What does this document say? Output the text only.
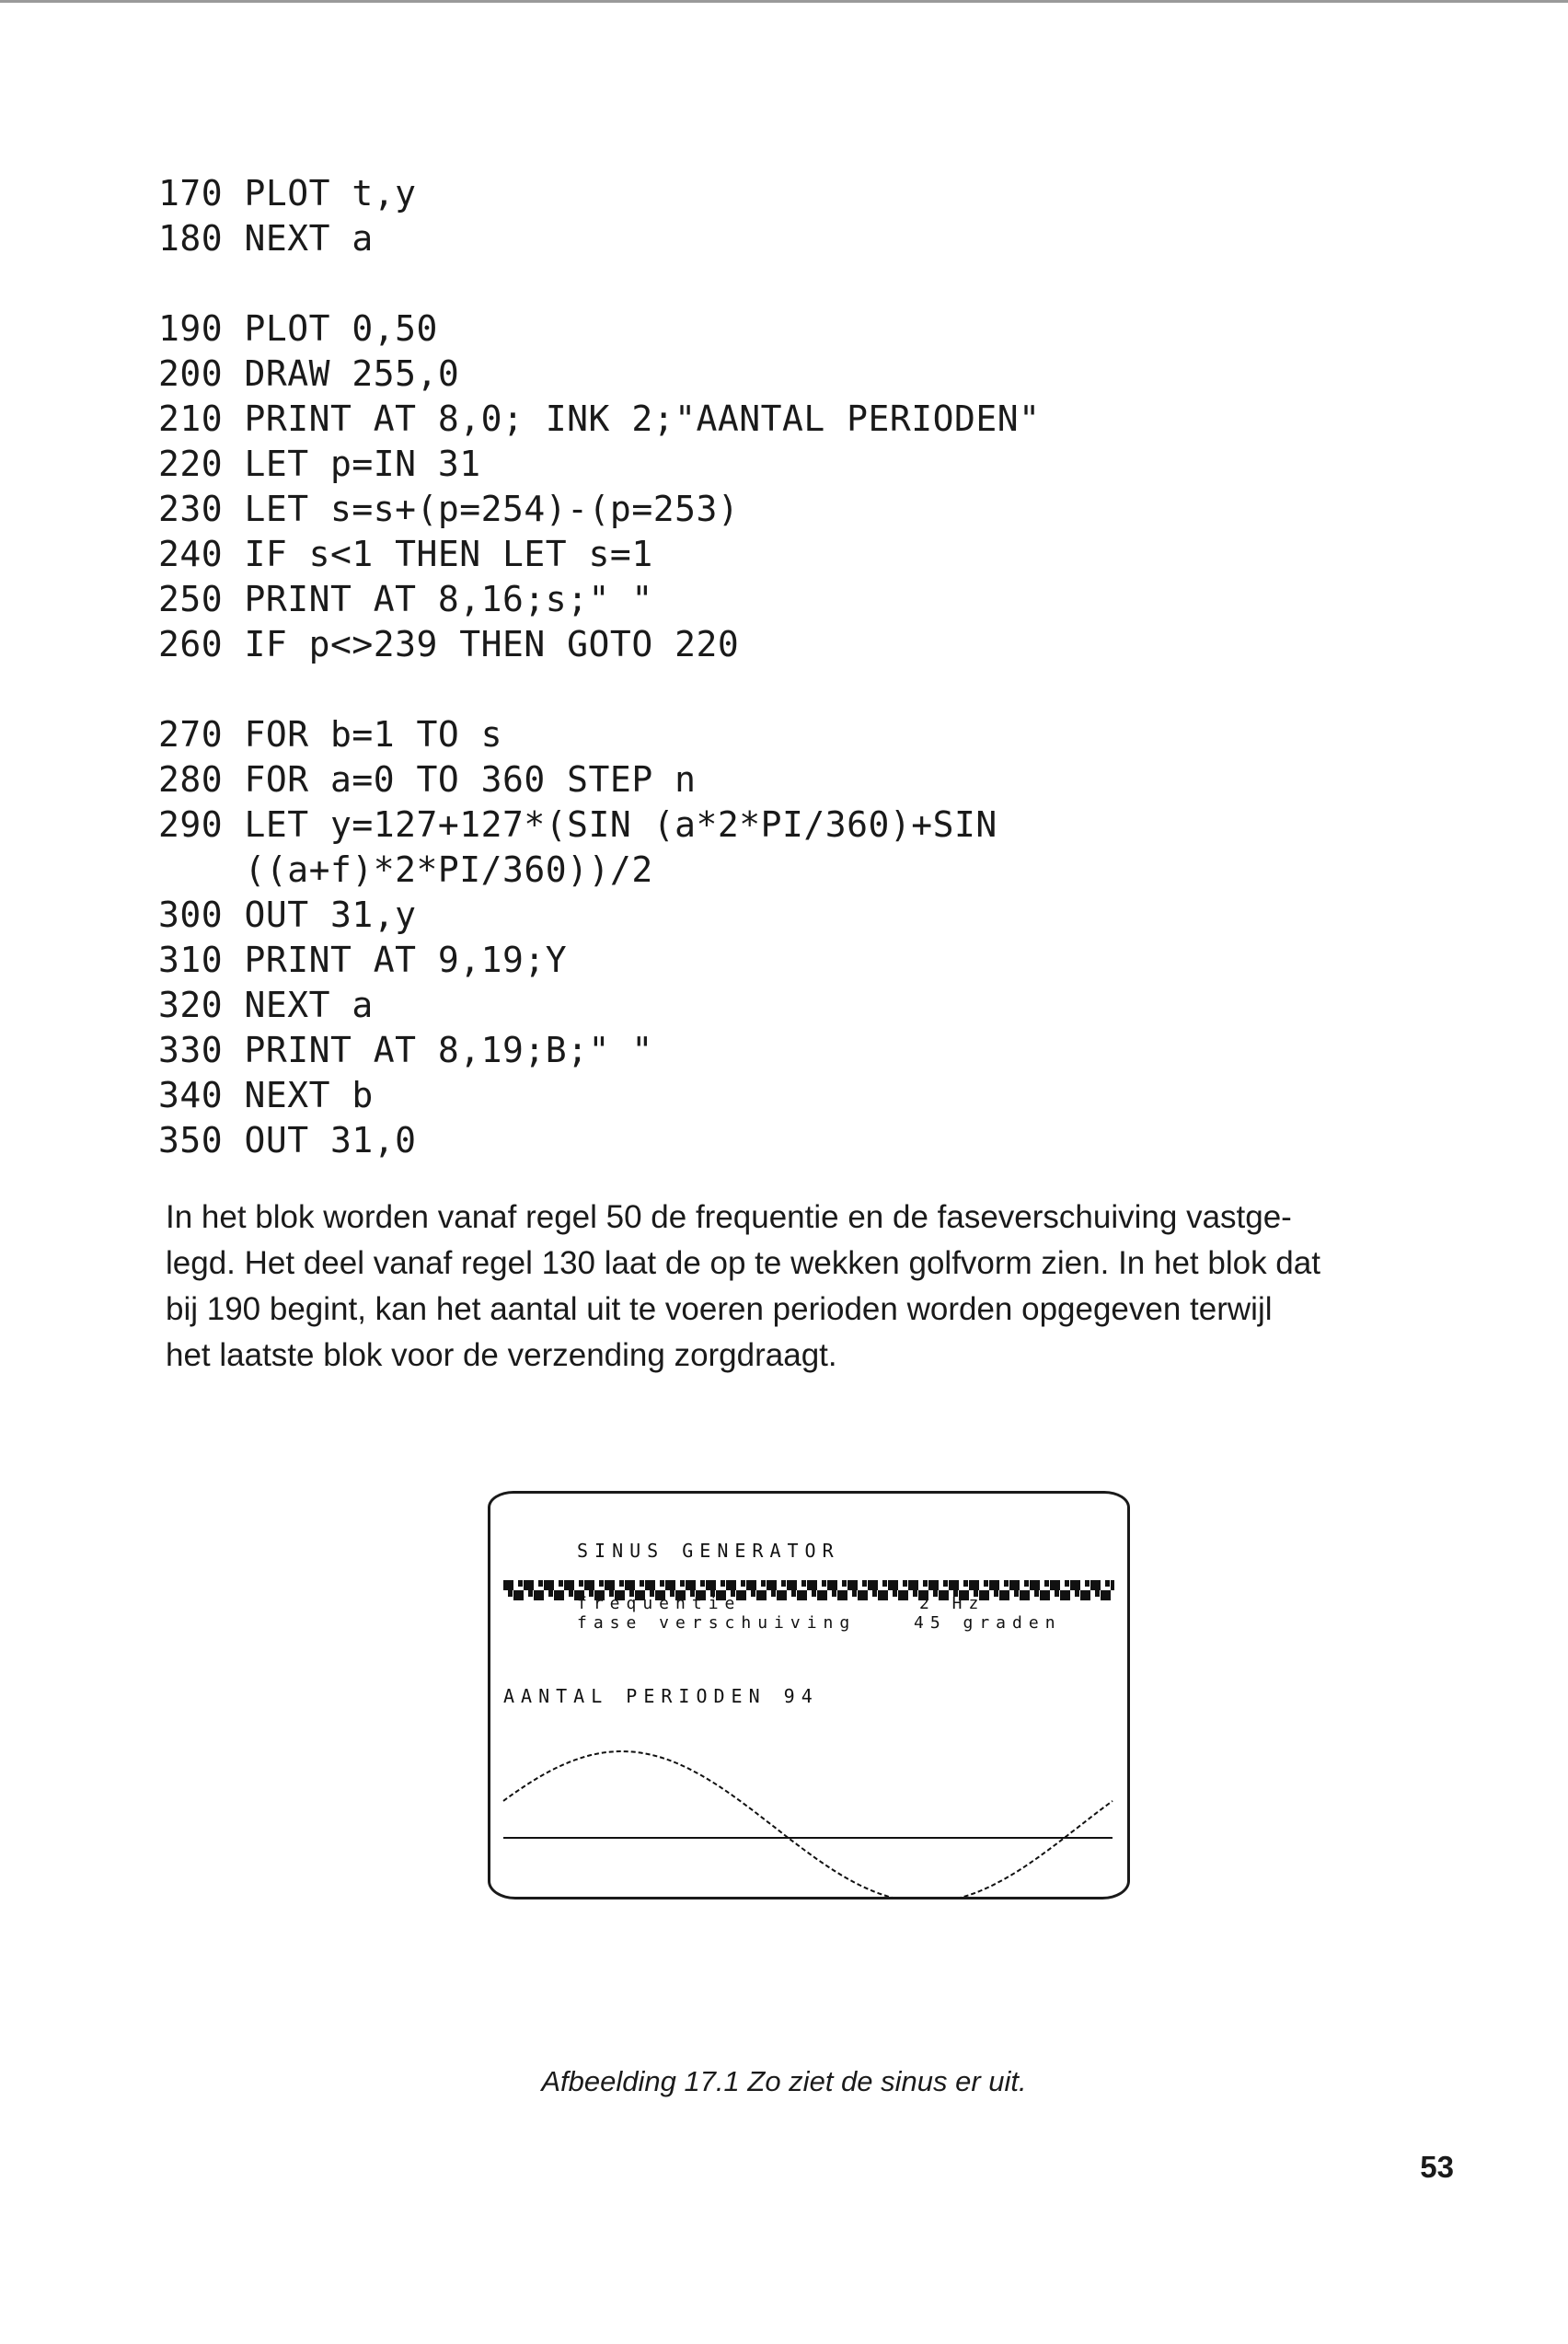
170 PLOT t,y
180 NEXT a
190 PLOT 0,50
200 DRAW 255,0
210 PRINT AT 8,0; INK 2;"AANTAL PERIODEN"
220 LET p=IN 31
230 LET s=s+(p=254)-(p=253)
240 IF s<1 THEN LET s=1
250 PRINT AT 8,16;s;" "
260 IF p<>239 THEN GOTO 220
270 FOR b=1 TO s
280 FOR a=0 TO 360 STEP n
290 LET y=127+127*(SIN (a*2*PI/360)+SIN
((a+f)*2*PI/360))/2
300 OUT 31,y
310 PRINT AT 9,19;Y
320 NEXT a
330 PRINT AT 8,19;B;" "
340 NEXT b
350 OUT 31,0
In het blok worden vanaf regel 50 de frequentie en de faseverschuiving vastge-
legd. Het deel vanaf regel 130 laat de op te wekken golfvorm zien. In het blok dat
bij 190 begint, kan het aantal uit te voeren perioden worden opgegeven terwijl
het laatste blok voor de verzending zorgdraagt.
SINUS GENERATOR
frequentie	2 Hz
fase verschuiving	45 graden
AANTAL PERIODEN 94
Afbeelding 17.1 Zo ziet de sinus er uit.
53
